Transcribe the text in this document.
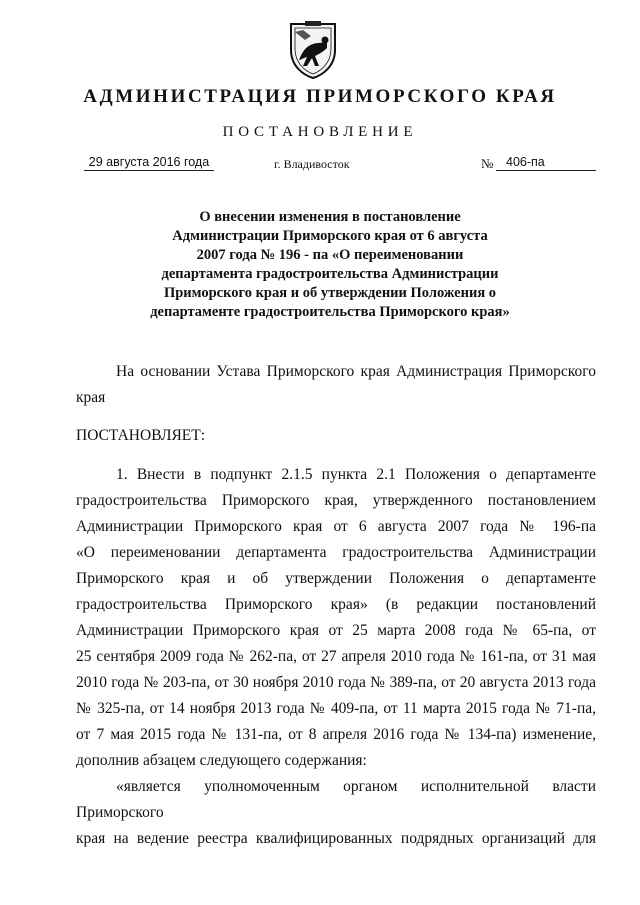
АДМИНИСТРАЦИЯ ПРИМОРСКОГО КРАЯ
ПОСТАНОВЛЕНИЕ
29 августа 2016 года	г. Владивосток	№	406-па
О внесении изменения в постановление
Администрации Приморского края от 6 августа
2007 года № 196 - па «О переименовании
департамента градостроительства Администрации
Приморского края и об утверждении Положения о
департаменте градостроительства Приморского края»
На основании Устава Приморского края Администрация Приморского
края
ПОСТАНОВЛЯЕТ:
1. Внести в подпункт 2.1.5 пункта 2.1 Положения о департаменте
градостроительства Приморского края, утвержденного постановлением
Администрации Приморского края от 6 августа 2007 года № 196-па
«О переименовании департамента градостроительства Администрации
Приморского края и об утверждении Положения о департаменте
градостроительства Приморского края» (в редакции постановлений
Администрации Приморского края от 25 марта 2008 года № 65-па, от
25 сентября 2009 года № 262-па, от 27 апреля 2010 года № 161-па, от 31 мая
2010 года № 203-па, от 30 ноября 2010 года № 389-па, от 20 августа 2013 года
№ 325-па, от 14 ноября 2013 года № 409-па, от 11 марта 2015 года № 71-па,
от 7 мая 2015 года № 131-па, от 8 апреля 2016 года № 134-па) изменение,
дополнив абзацем следующего содержания:
«является уполномоченным органом исполнительной власти Приморского
края на ведение реестра квалифицированных подрядных организаций для
